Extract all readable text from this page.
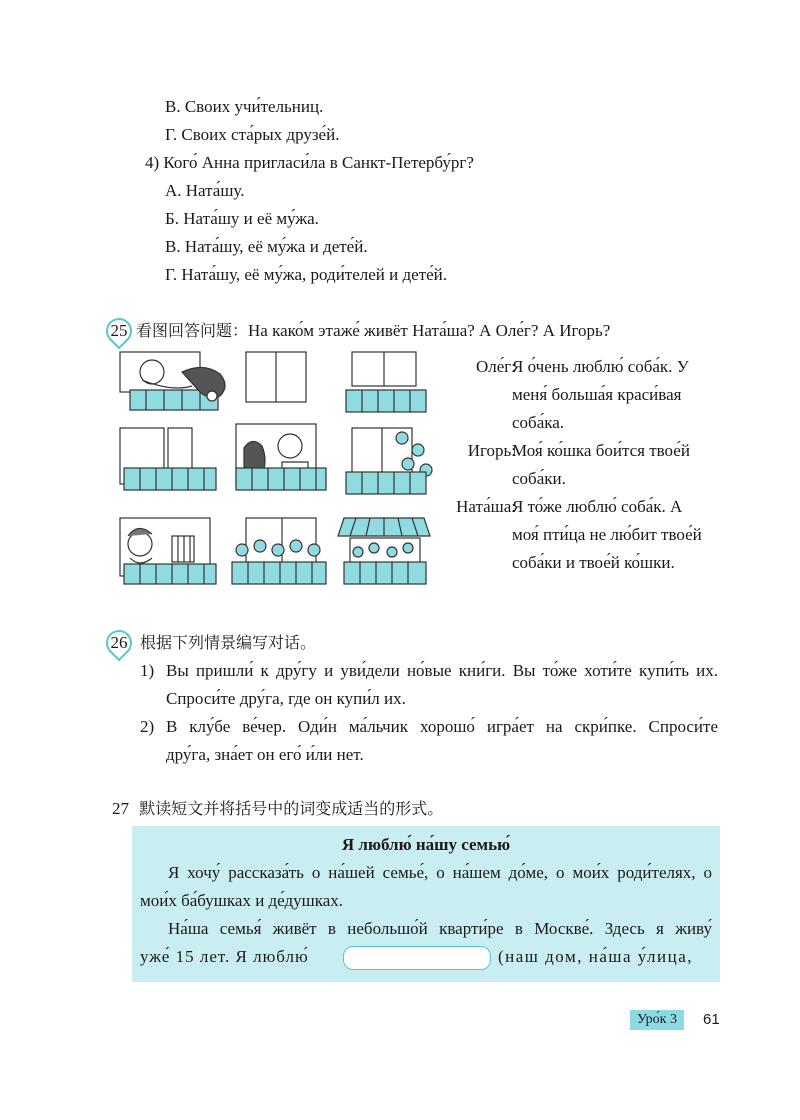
В. Своих учи́тельниц.
Г. Своих ста́рых друзе́й.
4) Кого́ Анна пригласи́ла в Санкт-Петербу́рг?
А. Ната́шу.
Б. Ната́шу и её му́жа.
В. Ната́шу, её му́жа и дете́й.
Г. Ната́шу, её му́жа, роди́телей и дете́й.
25 看图回答问题：На како́м этаже́ живёт Ната́ша? А Оле́г? А Игорь?
Оле́г:
Я о́чень люблю́ соба́к. У
меня́ больша́я краси́вая
соба́ка.
Игорь:
Моя́ ко́шка бои́тся твое́й
соба́ки.
Ната́ша:
Я то́же люблю́ соба́к. А
моя́ пти́ца не лю́бит твое́й
соба́ки и твое́й ко́шки.
26 根据下列情景编写对话。
1) Вы пришли́ к дру́гу и уви́дели но́вые кни́ги. Вы то́же хоти́те купи́ть их.
Спроси́те дру́га, где он купи́л их.
2) В клу́бе ве́чер. Оди́н ма́льчик хорошо́ игра́ет на скри́пке. Спроси́те
дру́га, зна́ет он его́ и́ли нет.
27 默读短文并将括号中的词变成适当的形式。
Я люблю́ на́шу семью́
Я хочу́ рассказа́ть о на́шей семье́, о на́шем до́ме, о мои́х роди́телях, о
мои́х ба́бушках и де́душках.
На́ша семья́ живёт в небольшо́й кварти́ре в Москве́. Здесь я живу́
уже́ 15 лет. Я люблю́	(наш дом, на́ша у́лица,
Уро́к 3	61
